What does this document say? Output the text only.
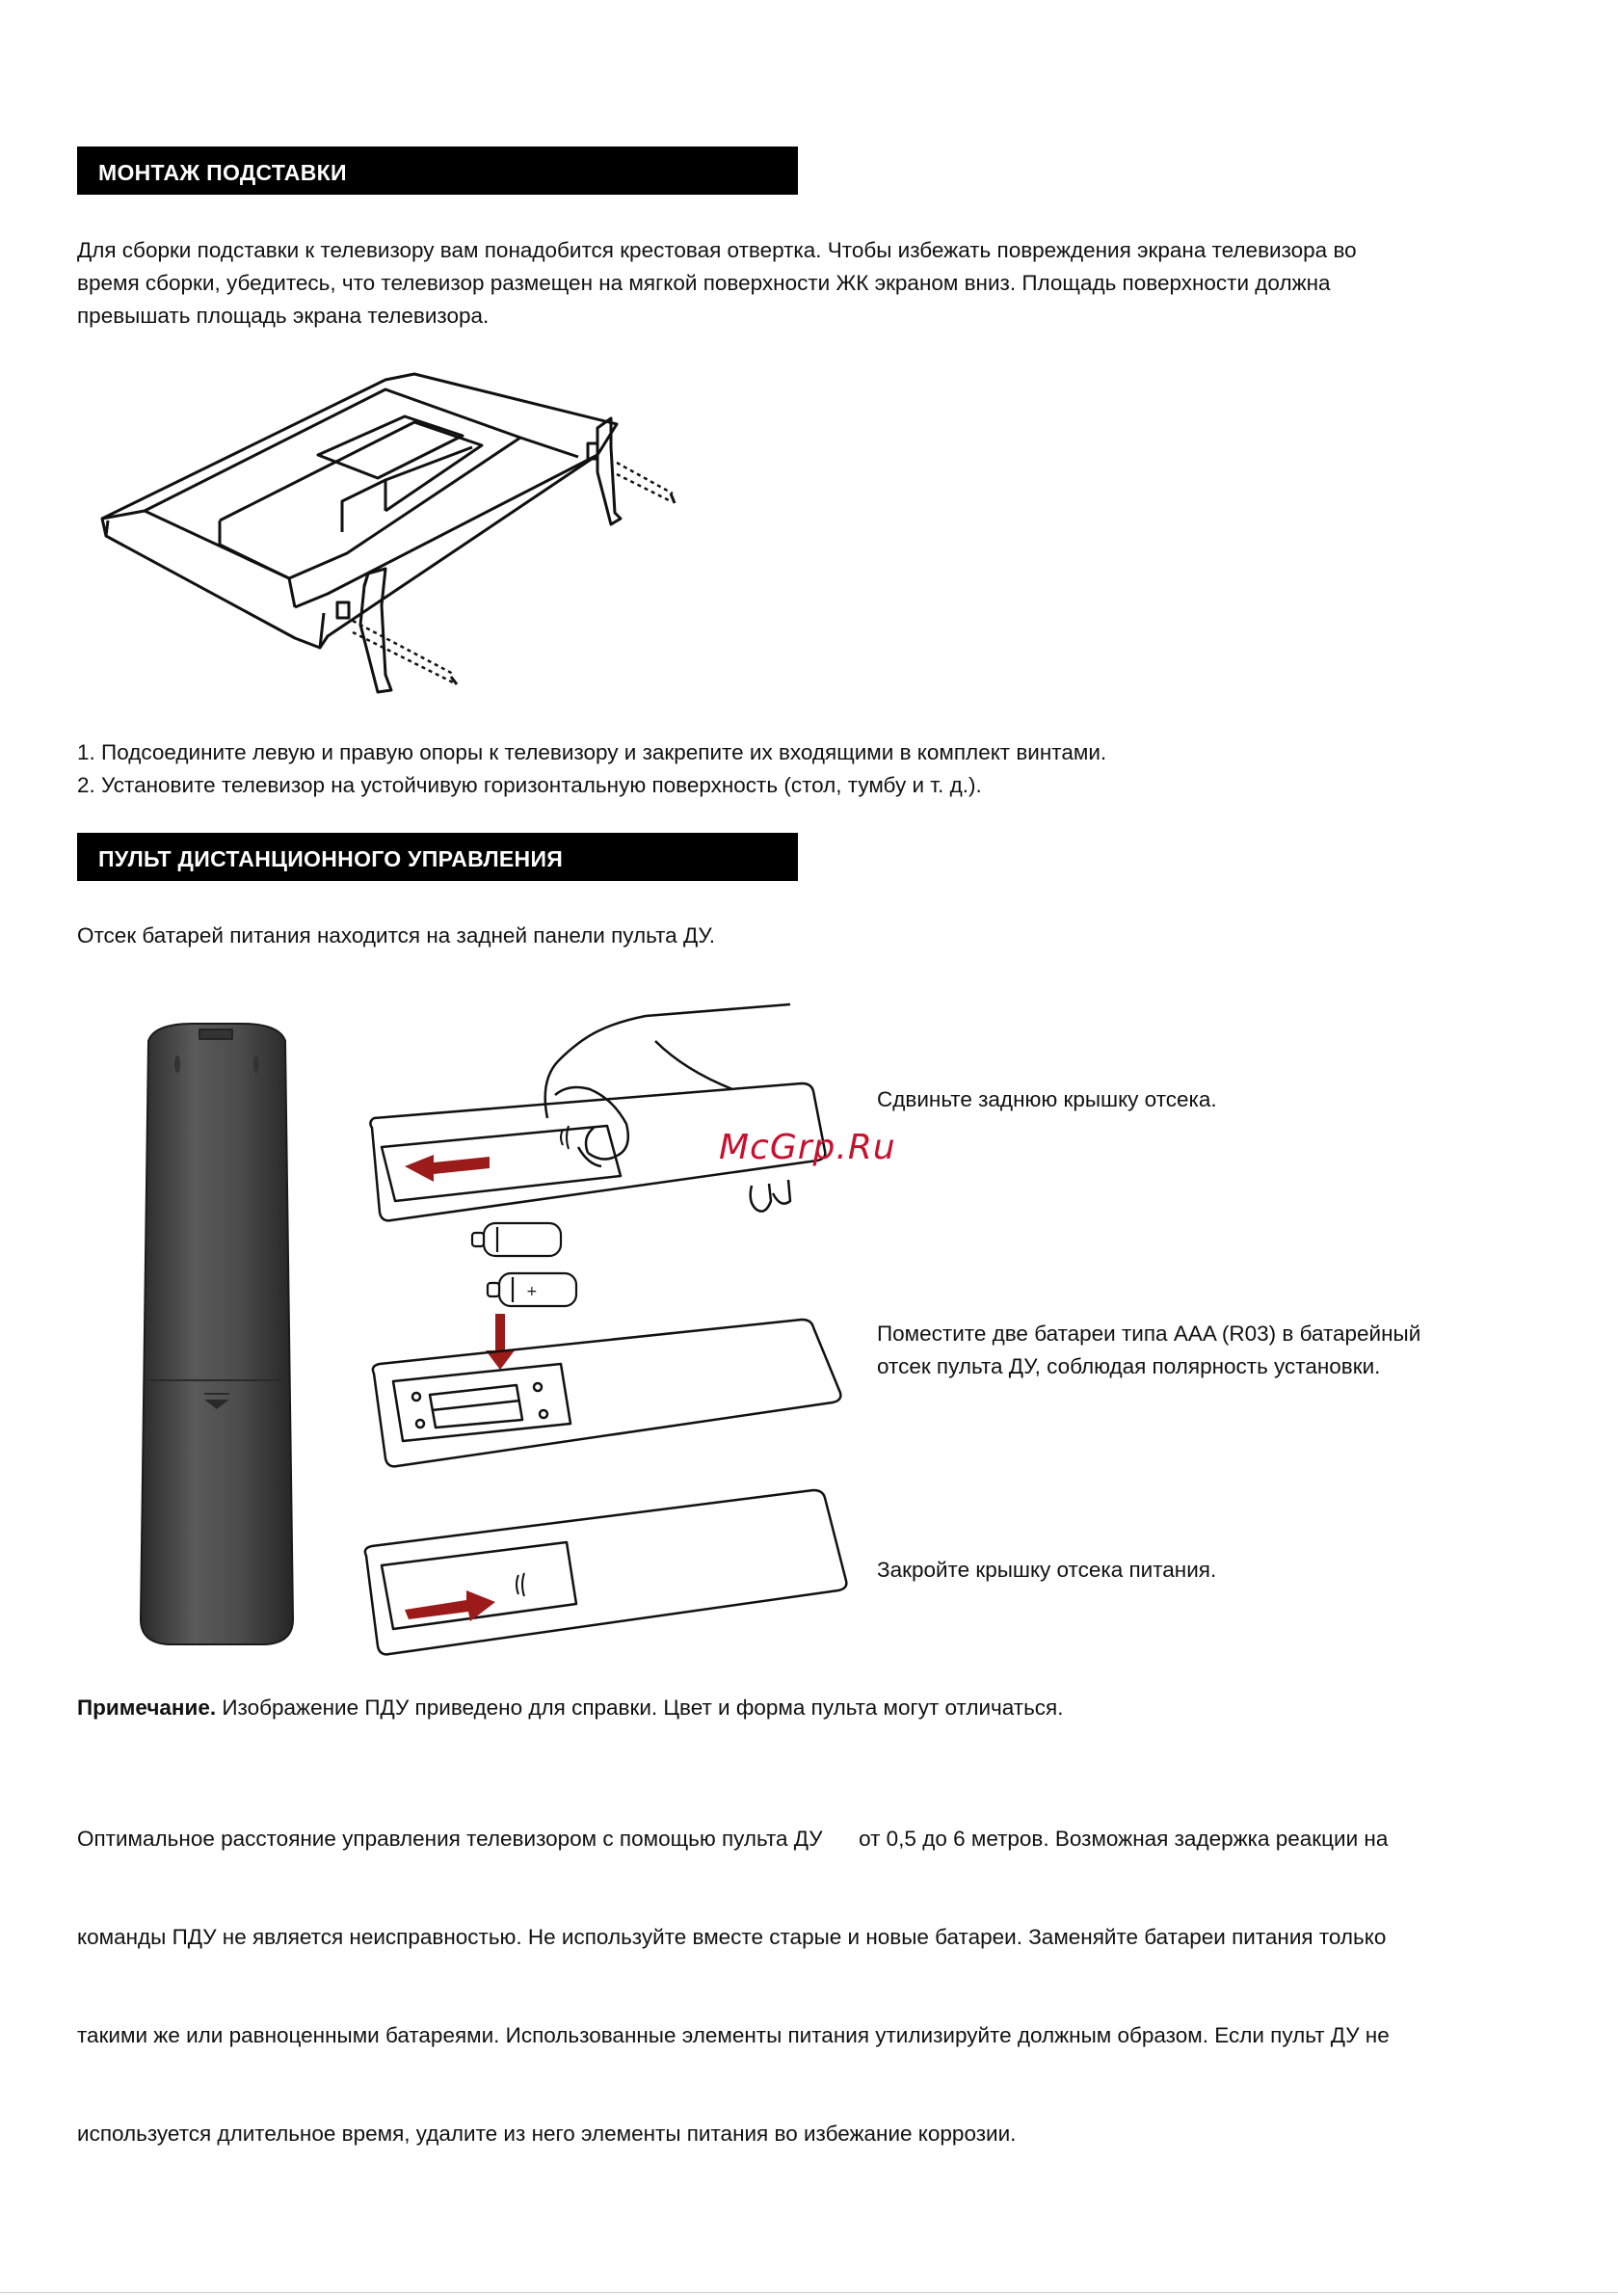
МОНТАЖ ПОДСТАВКИ

Для сборки подставки к телевизору вам понадобится крестовая отвертка. Чтобы избежать повреждения экрана телевизора во

время сборки, убедитесь, что телевизор размещен на мягкой поверхности ЖК экраном вниз. Площадь поверхности должна

превышать площадь экрана телевизора.

1. Подсоедините левую и правую опоры к телевизору и закрепите их входящими в комплект винтами.

2. Установите телевизор на устойчивую горизонтальную поверхность (стол, тумбу и т. д.).

ПУЛЬТ ДИСТАНЦИОННОГО УПРАВЛЕНИЯ
Отсек батарей питания находится на задней панели пульта ДУ.
+

Сдвиньте заднюю крышку отсека.

Поместите две батареи типа AAA (R03) в батарейный

отсек пульта ДУ, соблюдая полярность установки.

Закройте крышку отсека питания.

McGrp.Ru
Примечание. Изображение ПДУ приведено для справки. Цвет и форма пульта могут отличаться.

Оптимальное расстояние управления телевизором с помощью пульта ДУ      от 0,5 до 6 метров. Возможная задержка реакции на

команды ПДУ не является неисправностью. Не используйте вместе старые и новые батареи. Заменяйте батареи питания только

такими же или равноценными батареями. Использованные элементы питания утилизируйте должным образом. Если пульт ДУ не

используется длительное время, удалите из него элементы питания во избежание коррозии.
